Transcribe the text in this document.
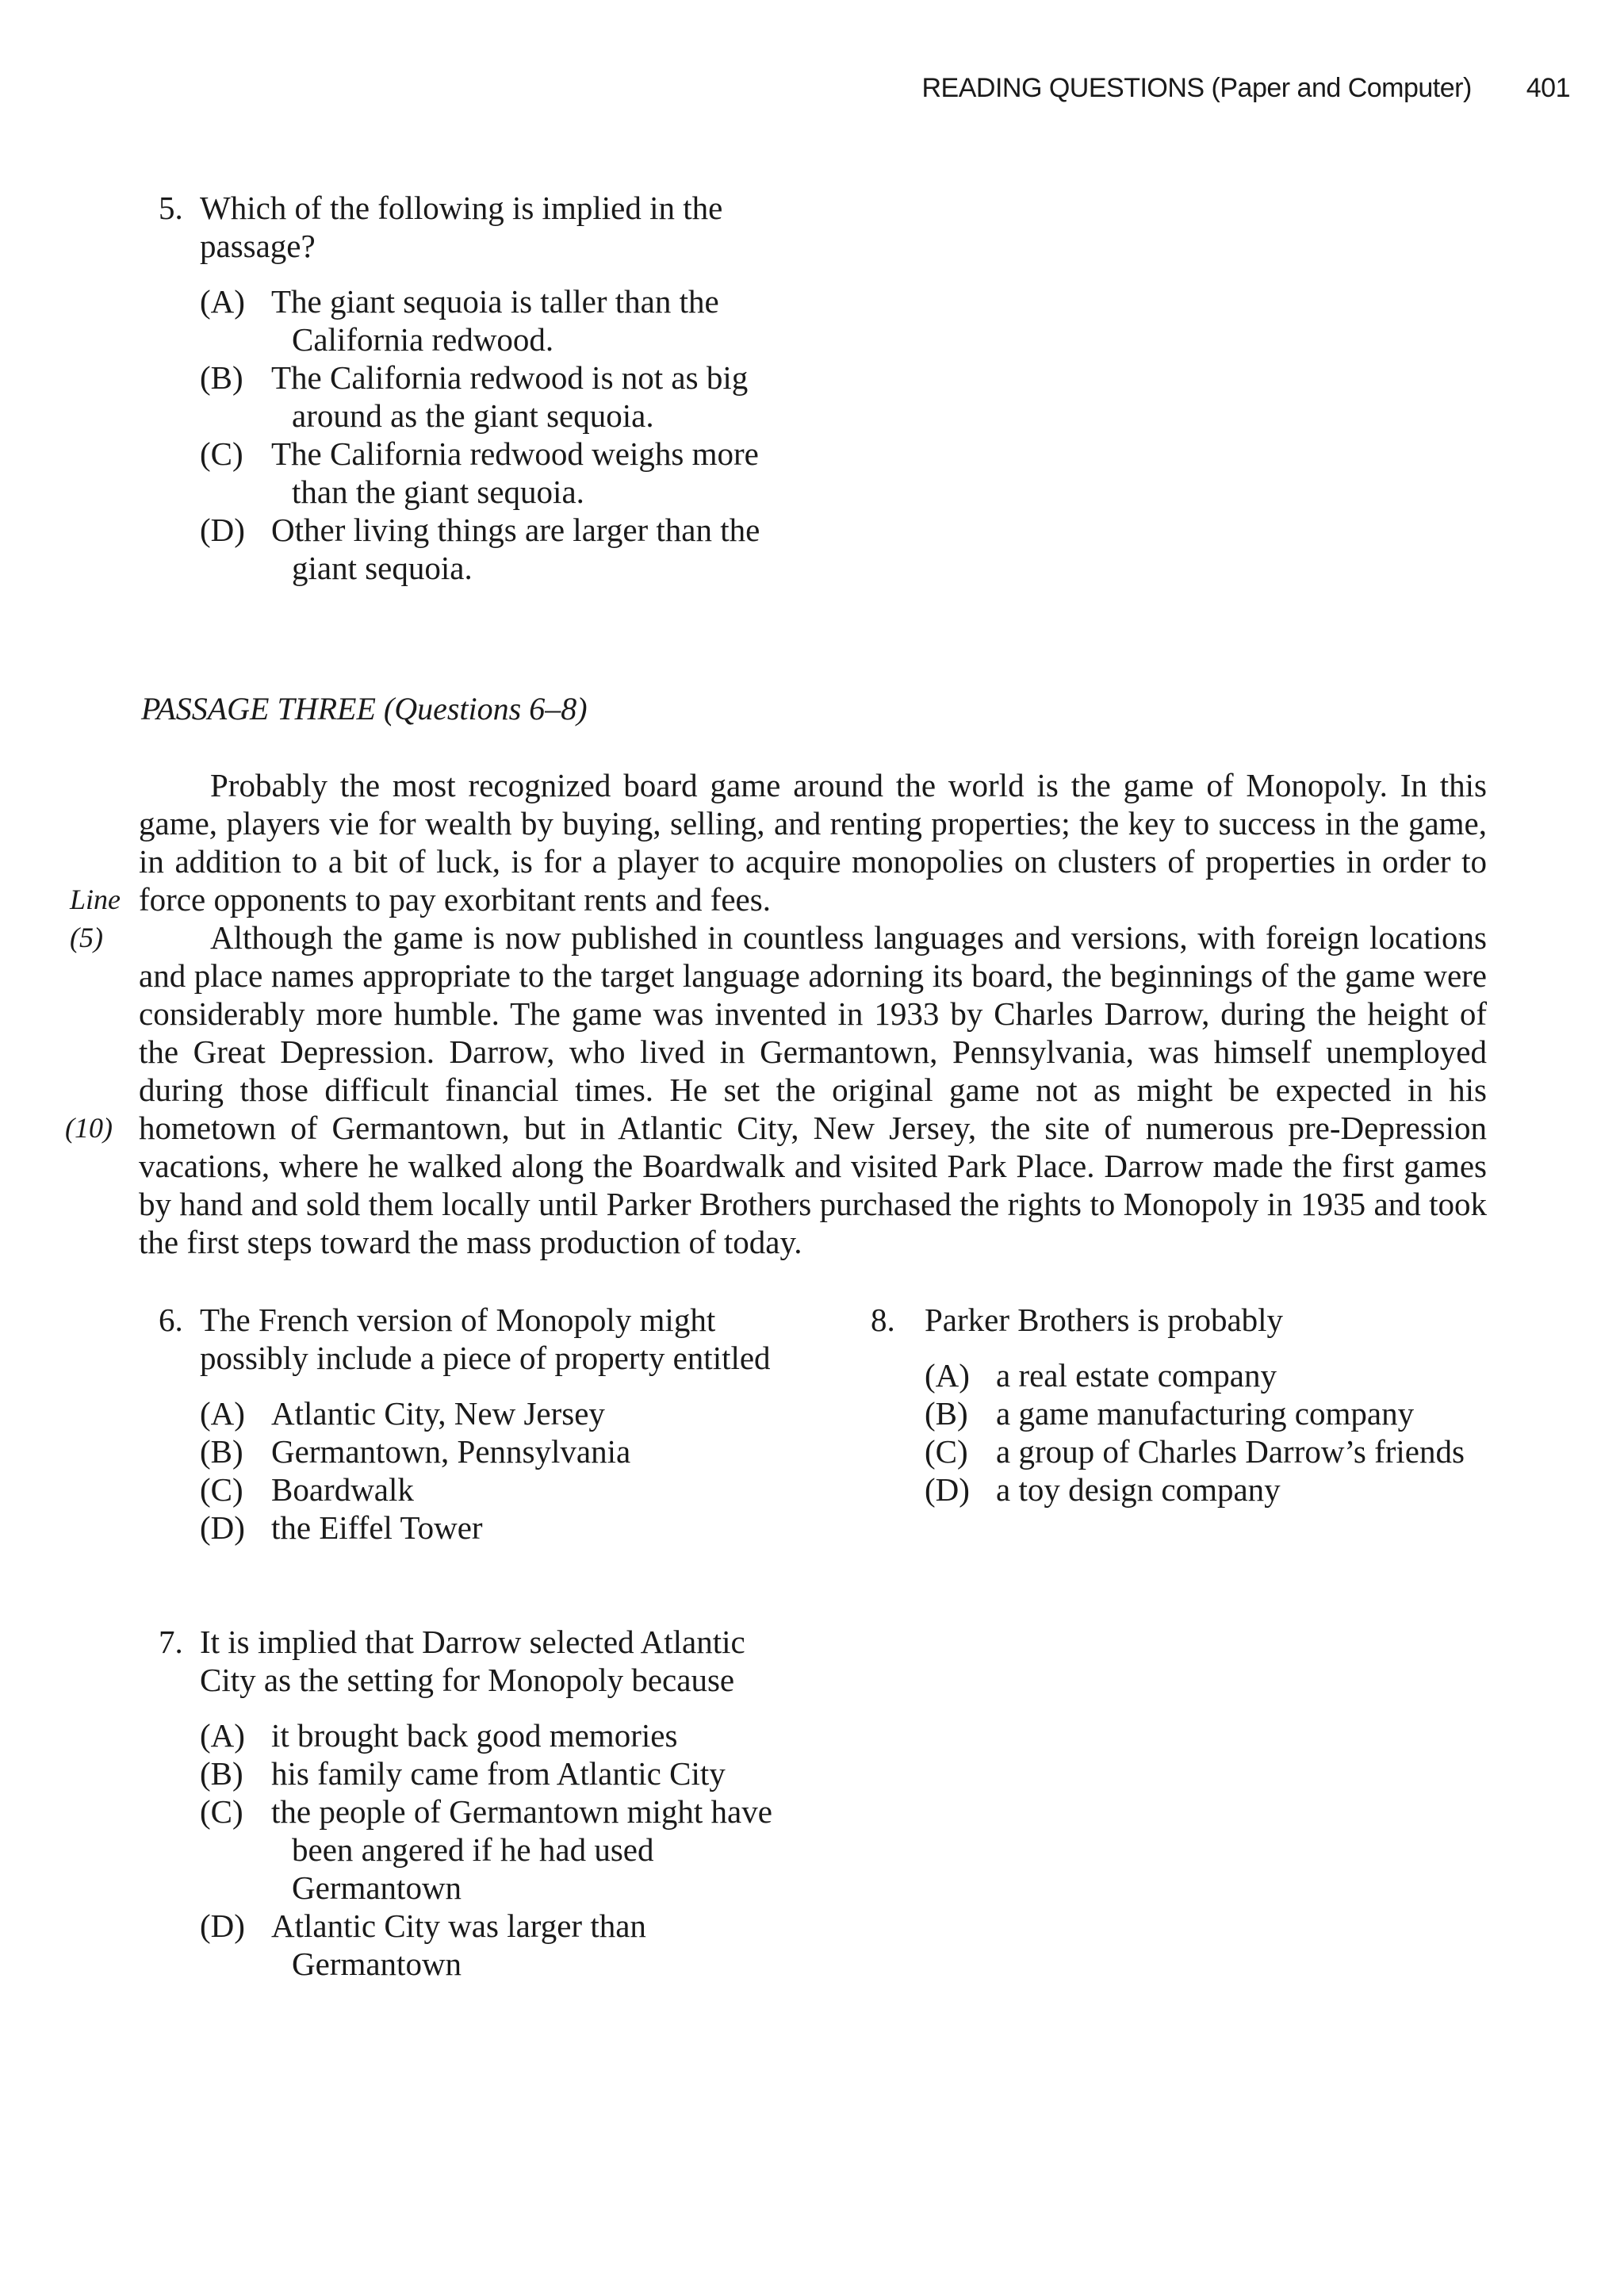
READING QUESTIONS (Paper and Computer) 401
5. Which of the following is implied in the passage?
(A) The giant sequoia is taller than the California redwood.
(B) The California redwood is not as big around as the giant sequoia.
(C) The California redwood weighs more than the giant sequoia.
(D) Other living things are larger than the giant sequoia.
PASSAGE THREE (Questions 6–8)
Line
(5)
(10)

Probably the most recognized board game around the world is the game of Monopoly. In this game, players vie for wealth by buying, selling, and renting properties; the key to success in the game, in addition to a bit of luck, is for a player to acquire monopolies on clusters of properties in order to force opponents to pay exorbitant rents and fees.

Although the game is now published in countless languages and versions, with foreign locations and place names appropriate to the target language adorning its board, the beginnings of the game were considerably more humble. The game was invented in 1933 by Charles Darrow, during the height of the Great Depression. Darrow, who lived in Germantown, Pennsylvania, was himself unemployed during those difficult financial times. He set the original game not as might be expected in his hometown of Germantown, but in Atlantic City, New Jersey, the site of numerous pre-Depression vacations, where he walked along the Boardwalk and visited Park Place. Darrow made the first games by hand and sold them locally until Parker Brothers purchased the rights to Monopoly in 1935 and took the first steps toward the mass production of today.

6. The French version of Monopoly might possibly include a piece of property entitled
(A) Atlantic City, New Jersey
(B) Germantown, Pennsylvania
(C) Boardwalk
(D) the Eiffel Tower
7. It is implied that Darrow selected Atlantic City as the setting for Monopoly because
(A) it brought back good memories
(B) his family came from Atlantic City
(C) the people of Germantown might have been angered if he had used Germantown
(D) Atlantic City was larger than Germantown
8. Parker Brothers is probably
(A) a real estate company
(B) a game manufacturing company
(C) a group of Charles Darrow’s friends
(D) a toy design company
